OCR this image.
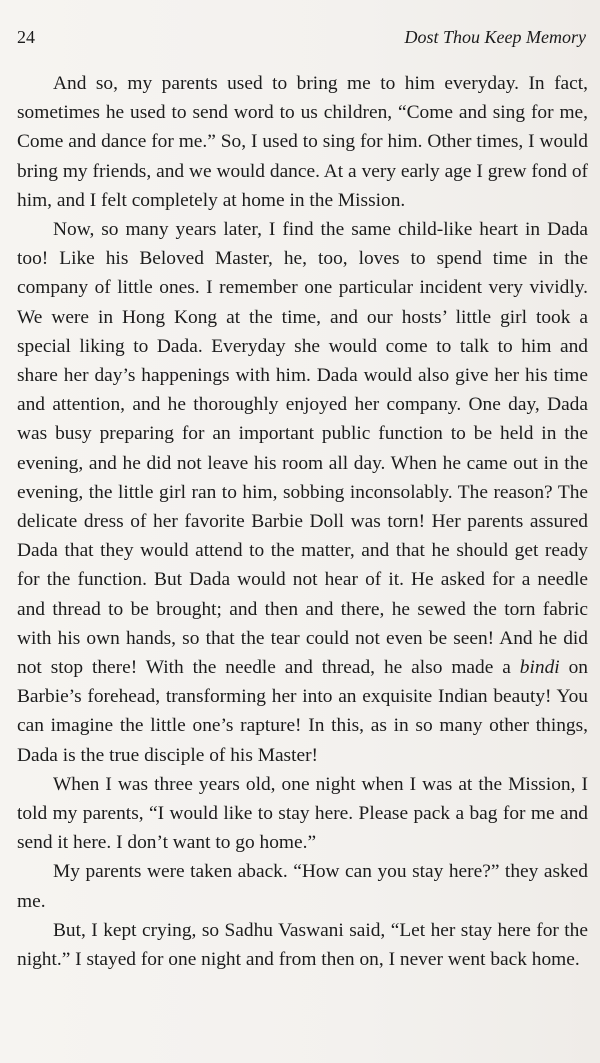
24	Dost Thou Keep Memory

And so, my parents used to bring me to him everyday. In fact, sometimes he used to send word to us children, “Come and sing for me, Come and dance for me.” So, I used to sing for him. Other times, I would bring my friends, and we would dance. At a very early age I grew fond of him, and I felt completely at home in the Mission.

Now, so many years later, I find the same child-like heart in Dada too! Like his Beloved Master, he, too, loves to spend time in the company of little ones. I remember one particular incident very vividly. We were in Hong Kong at the time, and our hosts’ little girl took a special liking to Dada. Everyday she would come to talk to him and share her day’s happenings with him. Dada would also give her his time and attention, and he thoroughly enjoyed her company. One day, Dada was busy preparing for an important public function to be held in the evening, and he did not leave his room all day. When he came out in the evening, the little girl ran to him, sobbing inconsolably. The reason? The delicate dress of her favorite Barbie Doll was torn! Her parents assured Dada that they would attend to the matter, and that he should get ready for the function. But Dada would not hear of it. He asked for a needle and thread to be brought; and then and there, he sewed the torn fabric with his own hands, so that the tear could not even be seen! And he did not stop there! With the needle and thread, he also made a bindi on Barbie’s forehead, transforming her into an exquisite Indian beauty! You can imagine the little one’s rapture! In this, as in so many other things, Dada is the true disciple of his Master!

When I was three years old, one night when I was at the Mission, I told my parents, “I would like to stay here. Please pack a bag for me and send it here. I don’t want to go home.”

My parents were taken aback. “How can you stay here?” they asked me.

But, I kept crying, so Sadhu Vaswani said, “Let her stay here for the night.” I stayed for one night and from then on, I never went back home.
